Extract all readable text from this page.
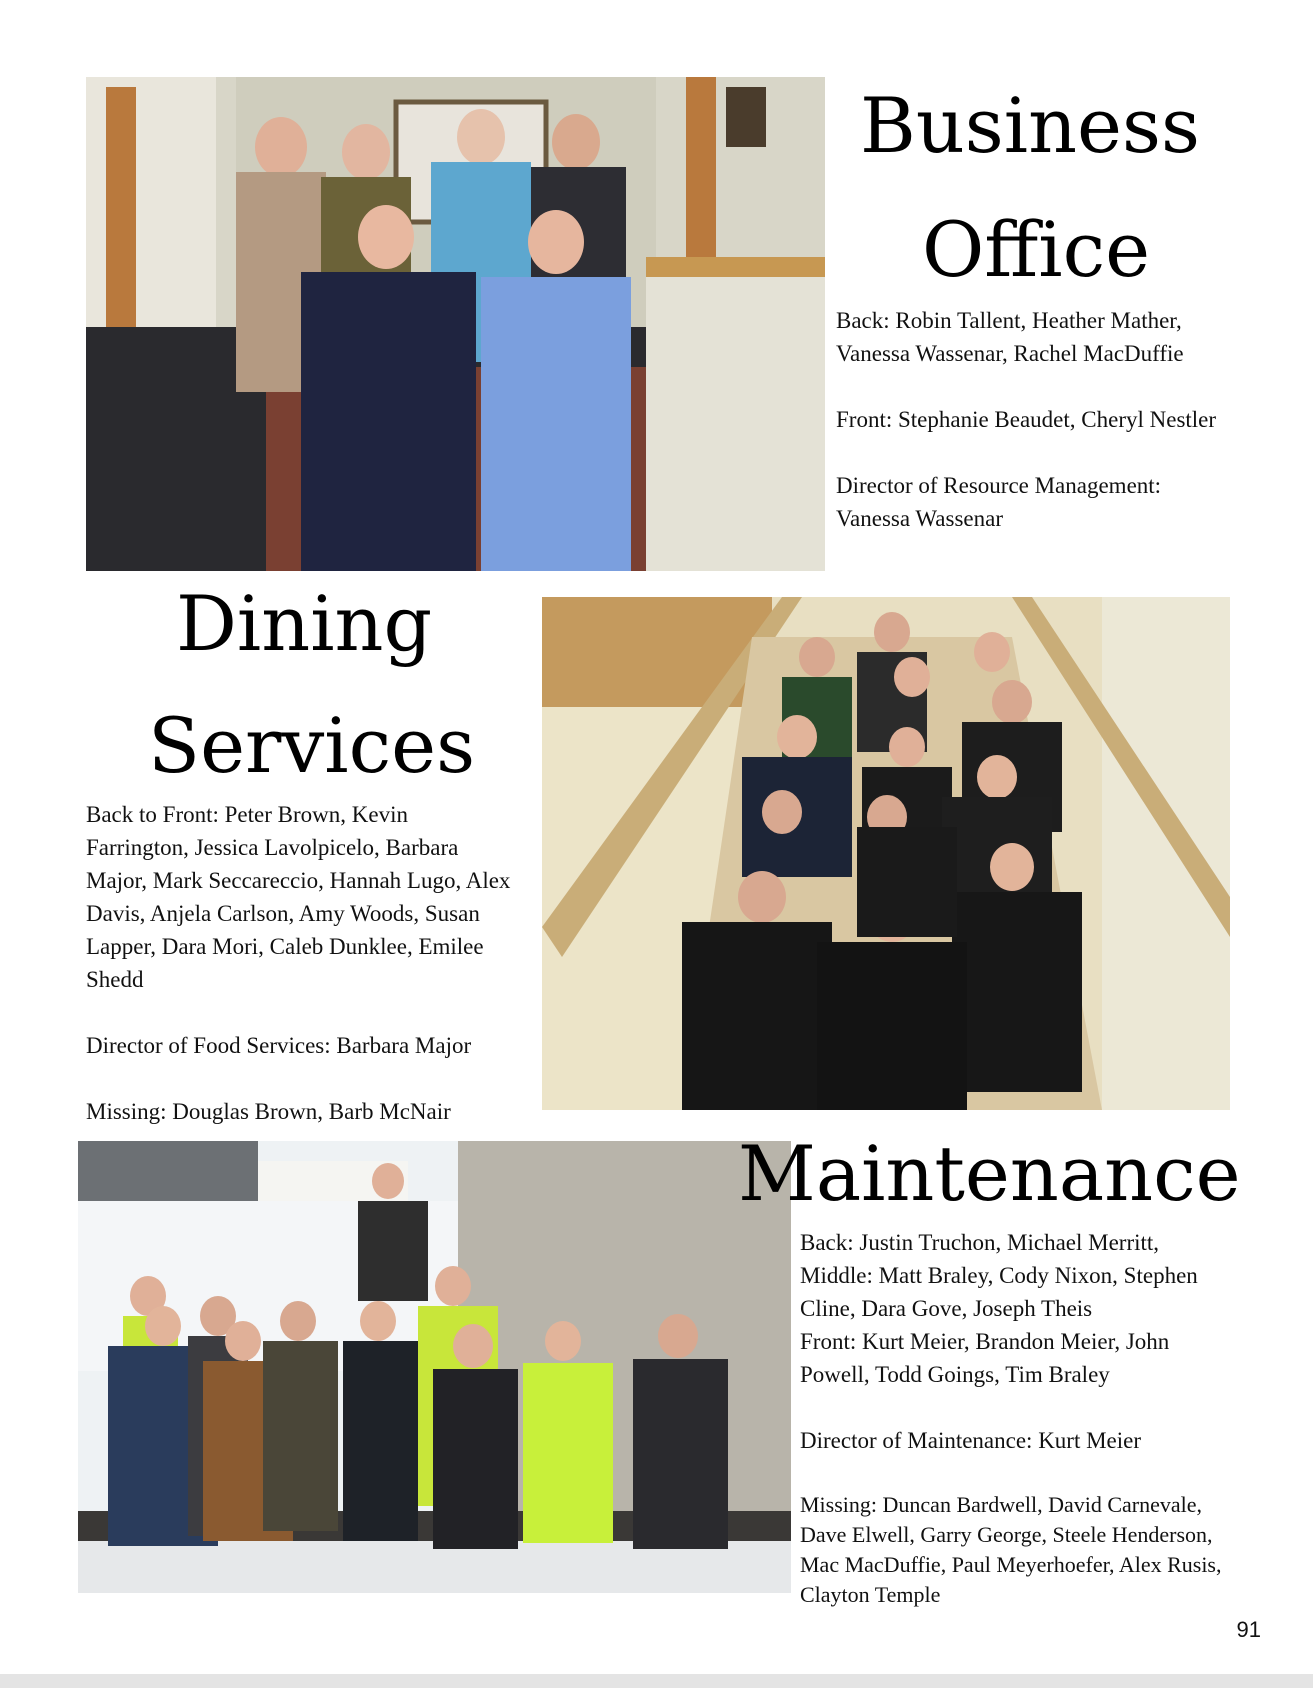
Business
Office

Back: Robin Tallent, Heather Mather, Vanessa Wassenar, Rachel MacDuffie

Front: Stephanie Beaudet, Cheryl Nestler

Director of Resource Management: Vanessa Wassenar

Dining
Services

Back to Front: Peter Brown, Kevin Farrington, Jessica Lavolpicelo, Barbara Major, Mark Seccareccio, Hannah Lugo, Alex Davis, Anjela Carlson, Amy Woods, Susan Lapper, Dara Mori, Caleb Dunklee, Emilee Shedd

Director of Food Services: Barbara Major

Missing: Douglas Brown, Barb McNair

Maintenance

Back: Justin Truchon, Michael Merritt,

Middle: Matt Braley, Cody Nixon, Stephen Cline, Dara Gove, Joseph Theis

Front: Kurt Meier, Brandon Meier, John Powell, Todd Goings, Tim Braley

Director of Maintenance: Kurt Meier

Missing: Duncan Bardwell, David Carnevale, Dave Elwell, Garry George, Steele Henderson, Mac MacDuffie, Paul Meyerhoefer, Alex Rusis, Clayton Temple

91
